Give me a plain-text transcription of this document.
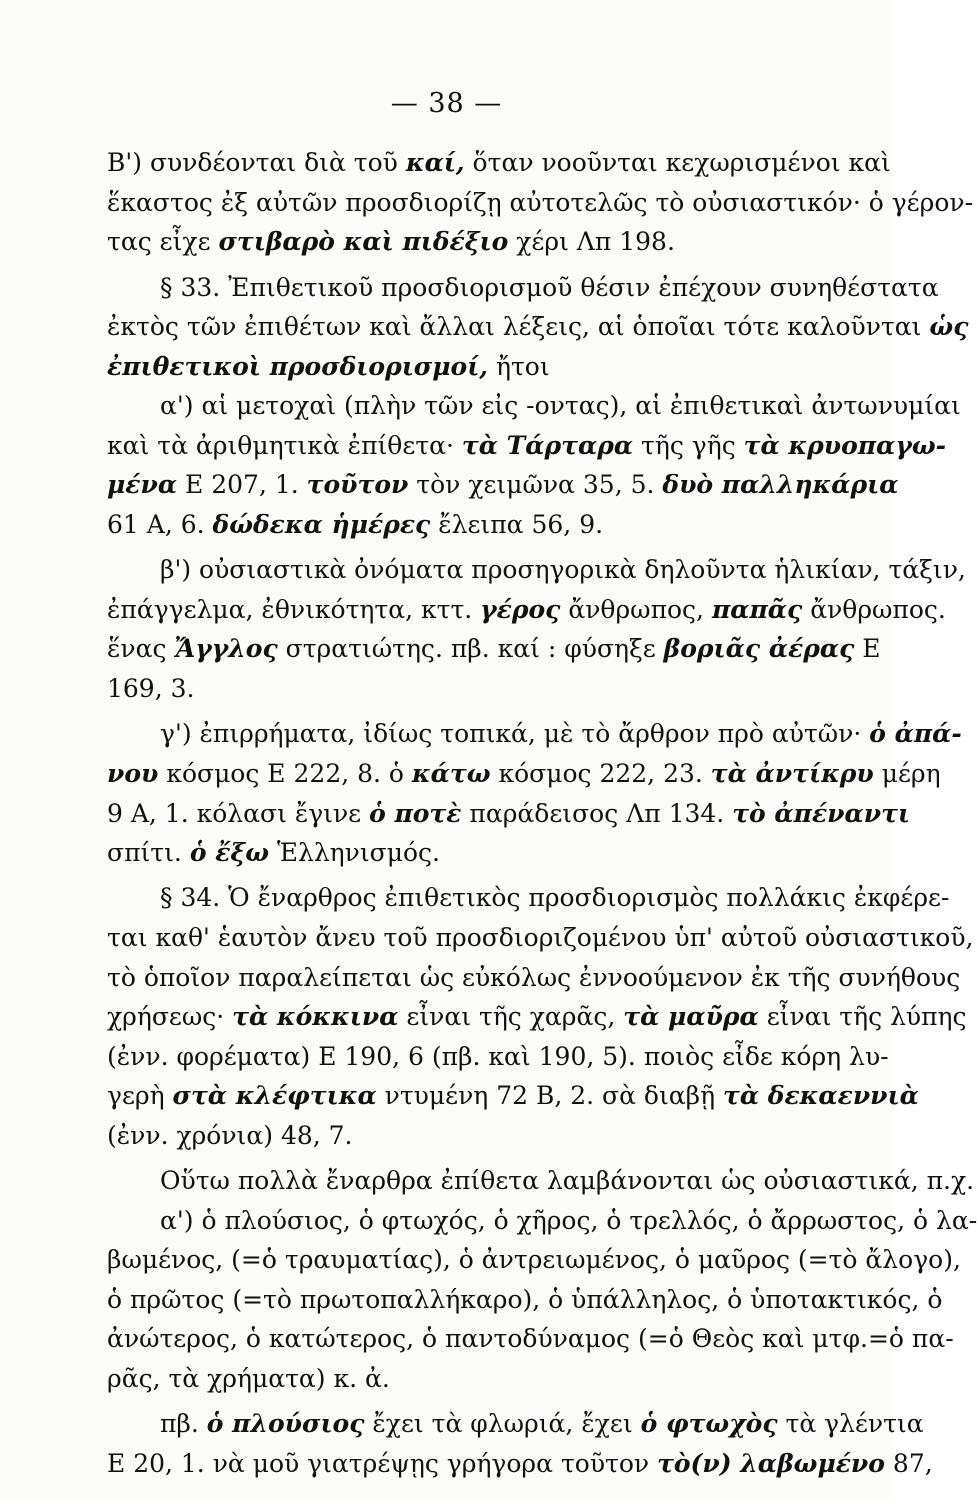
— 38 —
Β') συνδέονται διὰ τοῦ καί, ὅταν νοοῦνται κεχωρισμένοι καὶ
ἕκαστος ἐξ αὐτῶν προσδιορίζῃ αὐτοτελῶς τὸ οὐσιαστικόν· ὁ γέρον-
τας εἶχε στιβαρὸ καὶ πιδέξιο χέρι Λπ 198.
§ 33. Ἐπιθετικοῦ προσδιορισμοῦ θέσιν ἐπέχουν συνηθέστατα
ἐκτὸς τῶν ἐπιθέτων καὶ ἄλλαι λέξεις, αἱ ὁποῖαι τότε καλοῦνται ὡς
ἐπιθετικοὶ προσδιορισμοί, ἤτοι
α') αἱ μετοχαὶ (πλὴν τῶν εἰς -οντας), αἱ ἐπιθετικαὶ ἀντωνυμίαι
καὶ τὰ ἀριθμητικὰ ἐπίθετα· τὰ Τάρταρα τῆς γῆς τὰ κρυοπαγω-
μένα Ε 207, 1. τοῦτον τὸν χειμῶνα 35, 5. δυὸ παλληκάρια
61 Α, 6. δώδεκα ἡμέρες ἔλειπα 56, 9.
β') οὐσιαστικὰ ὀνόματα προσηγορικὰ δηλοῦντα ἡλικίαν, τάξιν,
ἐπάγγελμα, ἐθνικότητα, κττ. γέρος ἄνθρωπος, παπᾶς ἄνθρωπος.
ἕνας Ἄγγλος στρατιώτης. πβ. καί : φύσηξε βοριᾶς ἀέρας Ε
169, 3.
γ') ἐπιρρήματα, ἰδίως τοπικά, μὲ τὸ ἄρθρον πρὸ αὐτῶν· ὁ ἀπά-
νου κόσμος Ε 222, 8. ὁ κάτω κόσμος 222, 23. τὰ ἀντίκρυ μέρη
9 Α, 1. κόλασι ἔγινε ὁ ποτὲ παράδεισος Λπ 134. τὸ ἀπέναντι
σπίτι. ὁ ἔξω Ἑλληνισμός.
§ 34. Ὁ ἔναρθρος ἐπιθετικὸς προσδιορισμὸς πολλάκις ἐκφέρε-
ται καθ' ἑαυτὸν ἄνευ τοῦ προσδιοριζομένου ὑπ' αὐτοῦ οὐσιαστικοῦ,
τὸ ὁποῖον παραλείπεται ὡς εὐκόλως ἐννοούμενον ἐκ τῆς συνήθους
χρήσεως· τὰ κόκκινα εἶναι τῆς χαρᾶς, τὰ μαῦρα εἶναι τῆς λύπης
(ἐνν. φορέματα) Ε 190, 6 (πβ. καὶ 190, 5). ποιὸς εἶδε κόρη λυ-
γερὴ στὰ κλέφτικα ντυμένη 72 Β, 2. σὰ διαβῇ τὰ δεκαεννιὰ
(ἐνν. χρόνια) 48, 7.
Οὕτω πολλὰ ἔναρθρα ἐπίθετα λαμβάνονται ὡς οὐσιαστικά, π.χ.
α') ὁ πλούσιος, ὁ φτωχός, ὁ χῆρος, ὁ τρελλός, ὁ ἄρρωστος, ὁ λα-
βωμένος, (=ὁ τραυματίας), ὁ ἀντρειωμένος, ὁ μαῦρος (=τὸ ἄλογο),
ὁ πρῶτος (=τὸ πρωτοπαλλήκαρο), ὁ ὑπάλληλος, ὁ ὑποτακτικός, ὁ
ἀνώτερος, ὁ κατώτερος, ὁ παντοδύναμος (=ὁ Θεὸς καὶ μτφ.=ὁ πα-
ρᾶς, τὰ χρήματα) κ. ἀ.
πβ. ὁ πλούσιος ἔχει τὰ φλωριά, ἔχει ὁ φτωχὸς τὰ γλέντια
Ε 20, 1. νὰ μοῦ γιατρέψῃς γρήγορα τοῦτον τὸ(ν) λαβωμένο 87,
